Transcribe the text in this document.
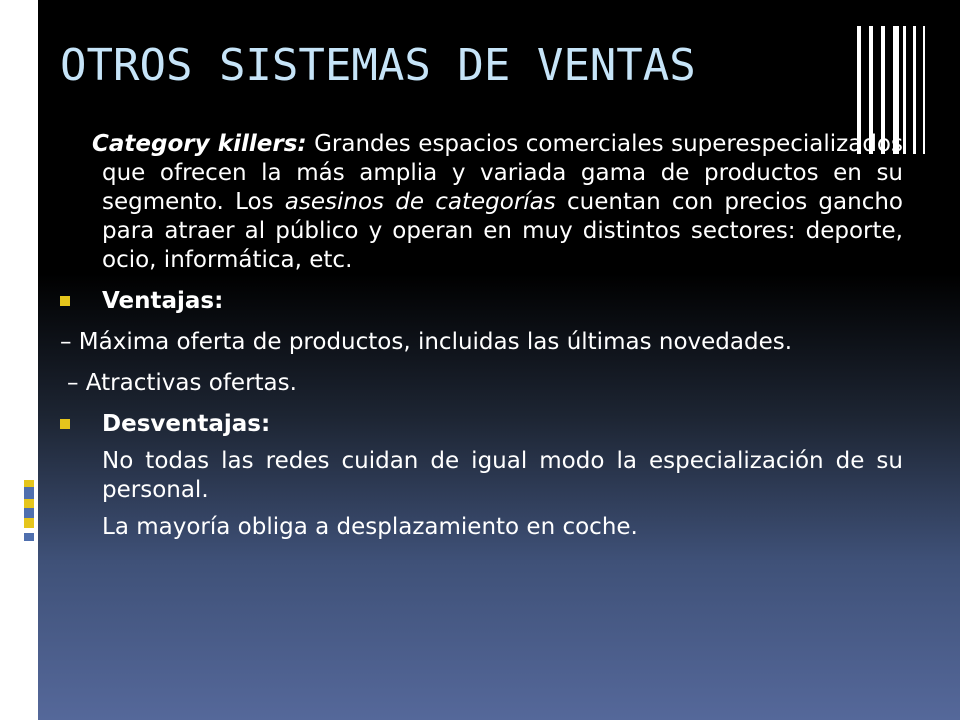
OTROS SISTEMAS DE VENTAS

Category killers: Grandes espacios comerciales superespecializados que ofrecen la más amplia y variada gama de productos en su segmento. Los asesinos de categorías cuentan con precios gancho para atraer al público y operan en muy distintos sectores: deporte, ocio, informática, etc.

Ventajas:

– Máxima oferta de productos, incluidas las últimas novedades.

– Atractivas ofertas.

Desventajas:

No todas las redes cuidan de igual modo la especialización de su personal.

La mayoría obliga a desplazamiento en coche.
